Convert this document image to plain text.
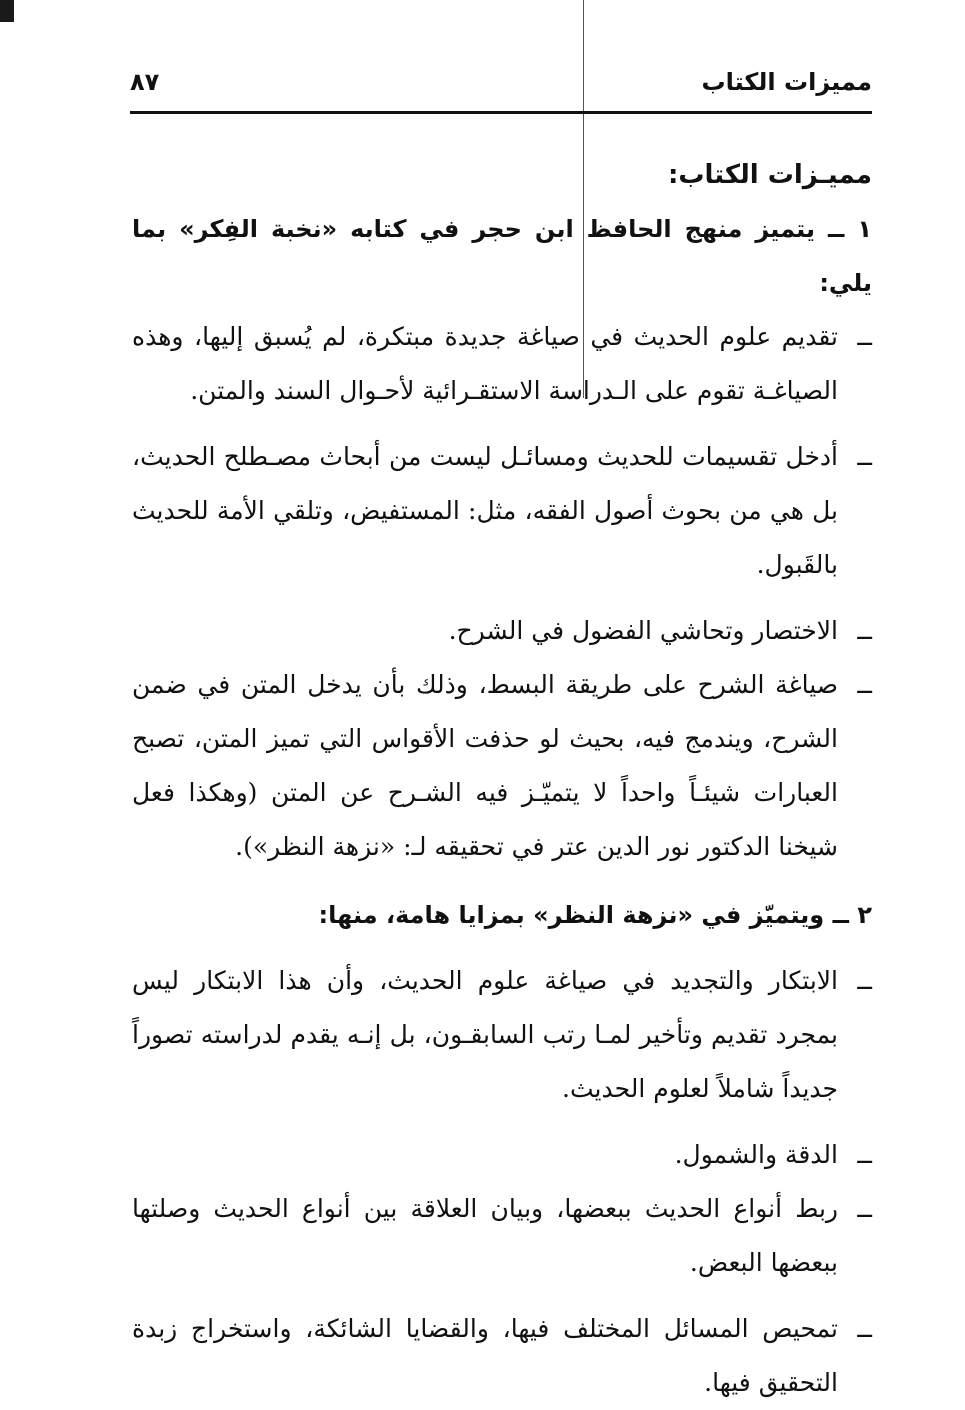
مميزات الكتاب
٨٧

مميـزات الكتاب:

١ ــ يتميز منهج الحافظ ابن حجر في كتابه «نخبة الفِكر» بما يلي:

ــ
تقديم علوم الحديث في صياغة جديدة مبتكرة، لم يُسبق إليها، وهذه الصياغـة تقوم على الـدراسة الاستقـرائية لأحـوال السند والمتن.
ــ
أدخل تقسيمات للحديث ومسائـل ليست من أبحاث مصـطلح الحديث، بل هي من بحوث أصول الفقه، مثل: المستفيض، وتلقي الأمة للحديث بالقَبول.
ــ
الاختصار وتحاشي الفضول في الشرح.
ــ
صياغة الشرح على طريقة البسط، وذلك بأن يدخل المتن في ضمن الشرح، ويندمج فيه، بحيث لو حذفت الأقواس التي تميز المتن، تصبح العبارات شيئـاً واحداً لا يتميّـز فيه الشـرح عن المتن (وهكذا فعل شيخنا الدكتور نور الدين عتر في تحقيقه لـ: «نزهة النظر»).

٢ ــ ويتميّز في «نزهة النظر» بمزايا هامة، منها:

ــ
الابتكار والتجديد في صياغة علوم الحديث، وأن هذا الابتكار ليس بمجرد تقديم وتأخير لمـا رتب السابقـون، بل إنـه يقدم لدراسته تصوراً جديداً شاملاً لعلوم الحديث.
ــ
الدقة والشمول.
ــ
ربط أنواع الحديث ببعضها، وبيان العلاقة بين أنواع الحديث وصلتها ببعضها البعض.
ــ
تمحيص المسائل المختلف فيها، والقضايا الشائكة، واستخراج زبدة التحقيق فيها.
